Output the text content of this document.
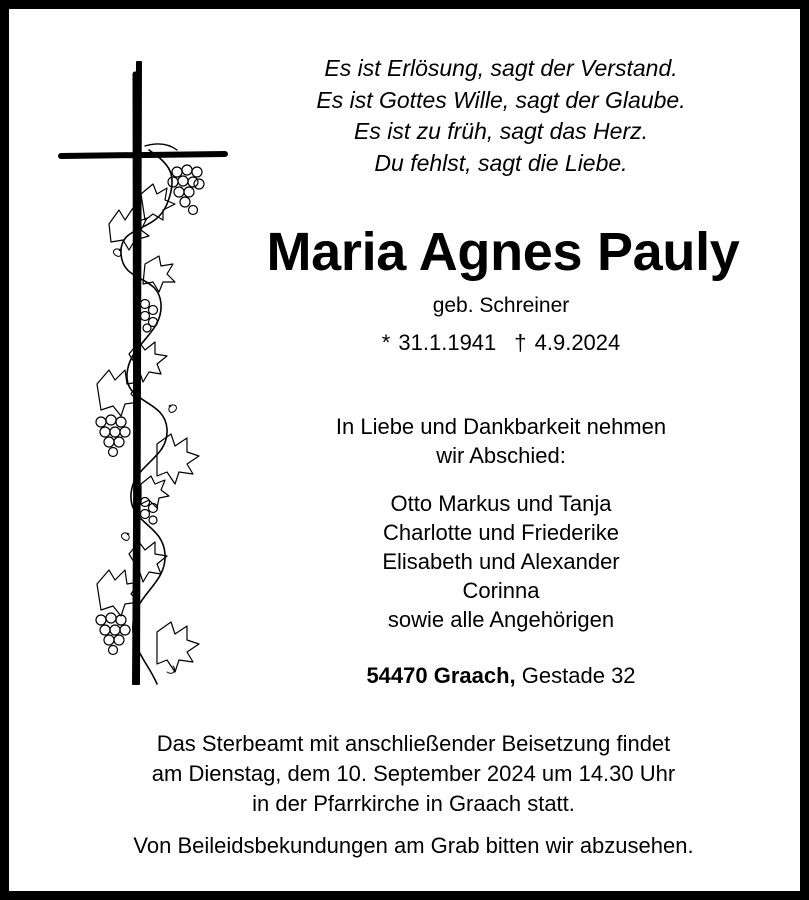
Es ist Erlösung, sagt der Verstand.
Es ist Gottes Wille, sagt der Glaube.
Es ist zu früh, sagt das Herz.
Du fehlst, sagt die Liebe.
Maria Agnes Pauly
geb. Schreiner
* 31.1.1941 † 4.9.2024
In Liebe und Dankbarkeit nehmen
wir Abschied:
Otto Markus und Tanja
Charlotte und Friederike
Elisabeth und Alexander
Corinna
sowie alle Angehörigen
54470 Graach, Gestade 32
Das Sterbeamt mit anschließender Beisetzung findet
am Dienstag, dem 10. September 2024 um 14.30 Uhr
in der Pfarrkirche in Graach statt.
Von Beileidsbekundungen am Grab bitten wir abzusehen.
